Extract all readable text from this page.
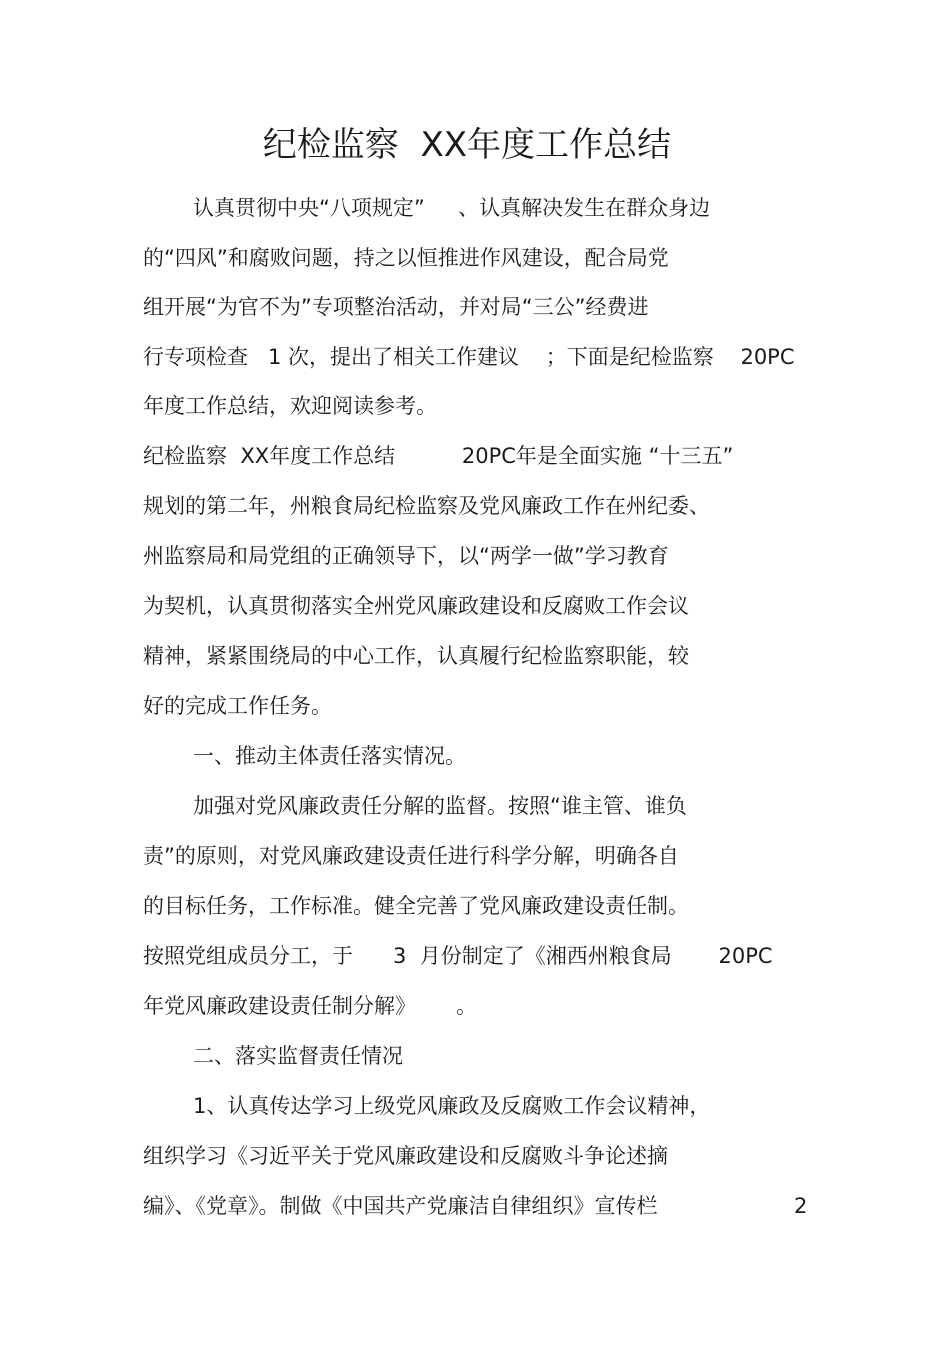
纪检监察  XX年度工作总结
认真贯彻中央“八项规定”     、认真解决发生在群众身边
的“四风”和腐败问题，持之以恒推进作风建设，配合局党
组开展“为官不为”专项整治活动，并对局“三公”经费进
行专项检查   1 次，提出了相关工作建议    ；下面是纪检监察    20PC
年度工作总结，欢迎阅读参考。
纪检监察  XX年度工作总结          20PC年是全面实施 “十三五”
规划的第二年，州粮食局纪检监察及党风廉政工作在州纪委、
州监察局和局党组的正确领导下，以“两学一做”学习教育
为契机，认真贯彻落实全州党风廉政建设和反腐败工作会议
精神，紧紧围绕局的中心工作，认真履行纪检监察职能，较
好的完成工作任务。
一、推动主体责任落实情况。
加强对党风廉政责任分解的监督。按照“谁主管、谁负
责”的原则，对党风廉政建设责任进行科学分解，明确各自
的目标任务，工作标准。健全完善了党风廉政建设责任制。
按照党组成员分工，于      3  月份制定了《湘西州粮食局       20PC
年党风廉政建设责任制分解》      。
二、落实监督责任情况
1、认真传达学习上级党风廉政及反腐败工作会议精神，
组织学习《习近平关于党风廉政建设和反腐败斗争论述摘
编》、《党章》。制做《中国共产党廉洁自律组织》宣传栏	2
